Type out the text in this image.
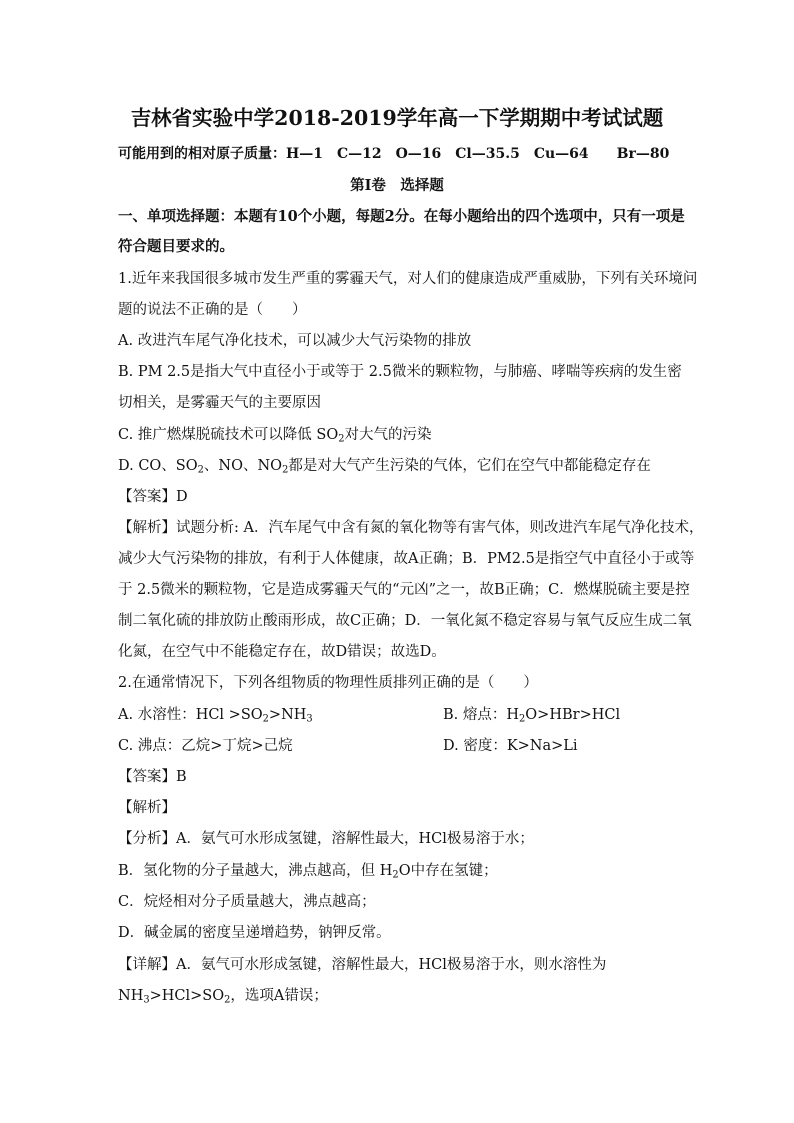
吉林省实验中学2018-2019学年高一下学期期中考试试题
可能用到的相对原子质量：H—1　C—12　O—16　Cl—35.5　Cu—64　　Br—80
第Ⅰ卷　选择题
一、单项选择题：本题有10个小题，每题2分。在每小题给出的四个选项中，只有一项是
符合题目要求的。
1.近年来我国很多城市发生严重的雾霾天气，对人们的健康造成严重威胁，下列有关环境问
题的说法不正确的是（　　）
A. 改进汽车尾气净化技术，可以减少大气污染物的排放
B. PM 2.5是指大气中直径小于或等于 2.5微米的颗粒物，与肺癌、哮喘等疾病的发生密
切相关，是雾霾天气的主要原因
C. 推广燃煤脱硫技术可以降低 $SO_2$对大气的污染
D. CO、$SO_2$、NO、$NO_2$都是对大气产生污染的气体，它们在空气中都能稳定存在
【答案】D
【解析】试题分析: A．汽车尾气中含有氮的氧化物等有害气体，则改进汽车尾气净化技术，
减少大气污染物的排放，有利于人体健康，故A正确；B．PM2.5是指空气中直径小于或等
于 2.5微米的颗粒物，它是造成雾霾天气的“元凶”之一，故B正确；C．燃煤脱硫主要是控
制二氧化硫的排放防止酸雨形成，故C正确；D．一氧化氮不稳定容易与氧气反应生成二氧
化氮，在空气中不能稳定存在，故D错误；故选D。
2.在通常情况下，下列各组物质的物理性质排列正确的是（　　）
A. 水溶性：HCl $>SO_2>NH_3$	B. 熔点：$H_2O>HBr>HCl$
C. 沸点：乙烷>丁烷>己烷	D. 密度：K>Na>Li
【答案】B
【解析】
【分析】A．氨气可水形成氢键，溶解性最大，HCl极易溶于水；
B．氢化物的分子量越大，沸点越高，但 $H_2O$中存在氢键；
C．烷烃相对分子质量越大，沸点越高；
D．碱金属的密度呈递增趋势，钠钾反常。
【详解】A．氨气可水形成氢键，溶解性最大，HCl极易溶于水，则水溶性为
$NH_3>HCl>SO_2$，选项A错误；
